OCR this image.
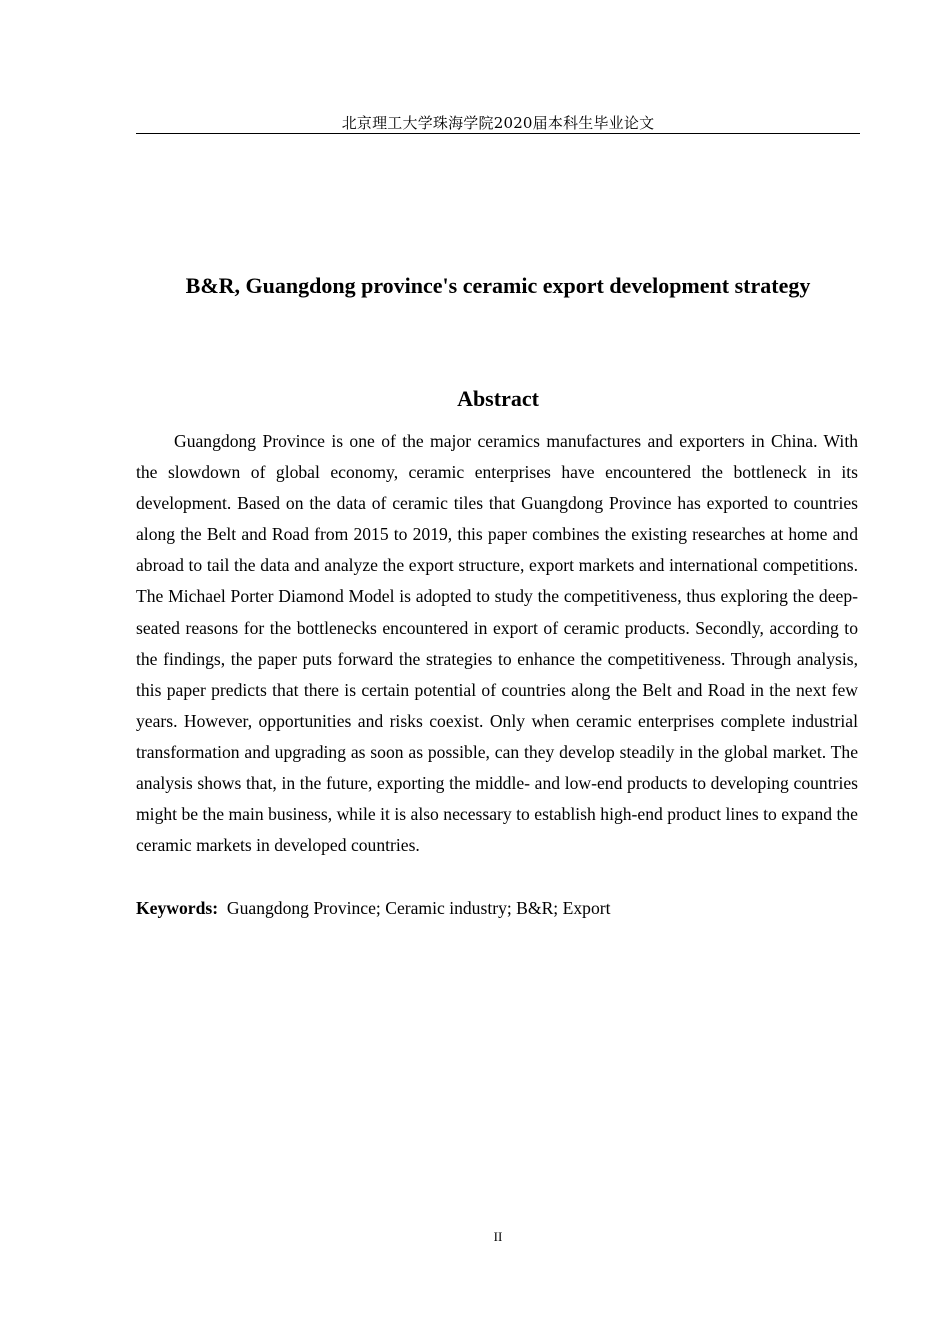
北京理工大学珠海学院2020届本科生毕业论文
B&R, Guangdong province's ceramic export development strategy
Abstract

Guangdong Province is one of the major ceramics manufactures and exporters in China. With the slowdown of global economy, ceramic enterprises have encountered the bottleneck in its development. Based on the data of ceramic tiles that Guangdong Province has exported to countries along the Belt and Road from 2015 to 2019, this paper combines the existing researches at home and abroad to tail the data and analyze the export structure, export markets and international competitions. The Michael Porter Diamond Model is adopted to study the competitiveness, thus exploring the deep-seated reasons for the bottlenecks encountered in export of ceramic products. Secondly, according to the findings, the paper puts forward the strategies to enhance the competitiveness. Through analysis, this paper predicts that there is certain potential of countries along the Belt and Road in the next few years. However, opportunities and risks coexist. Only when ceramic enterprises complete industrial transformation and upgrading as soon as possible, can they develop steadily in the global market. The analysis shows that, in the future, exporting the middle- and low-end products to developing countries might be the main business, while it is also necessary to establish high-end product lines to expand the ceramic markets in developed countries.

Keywords: Guangdong Province; Ceramic industry; B&R; Export
II
